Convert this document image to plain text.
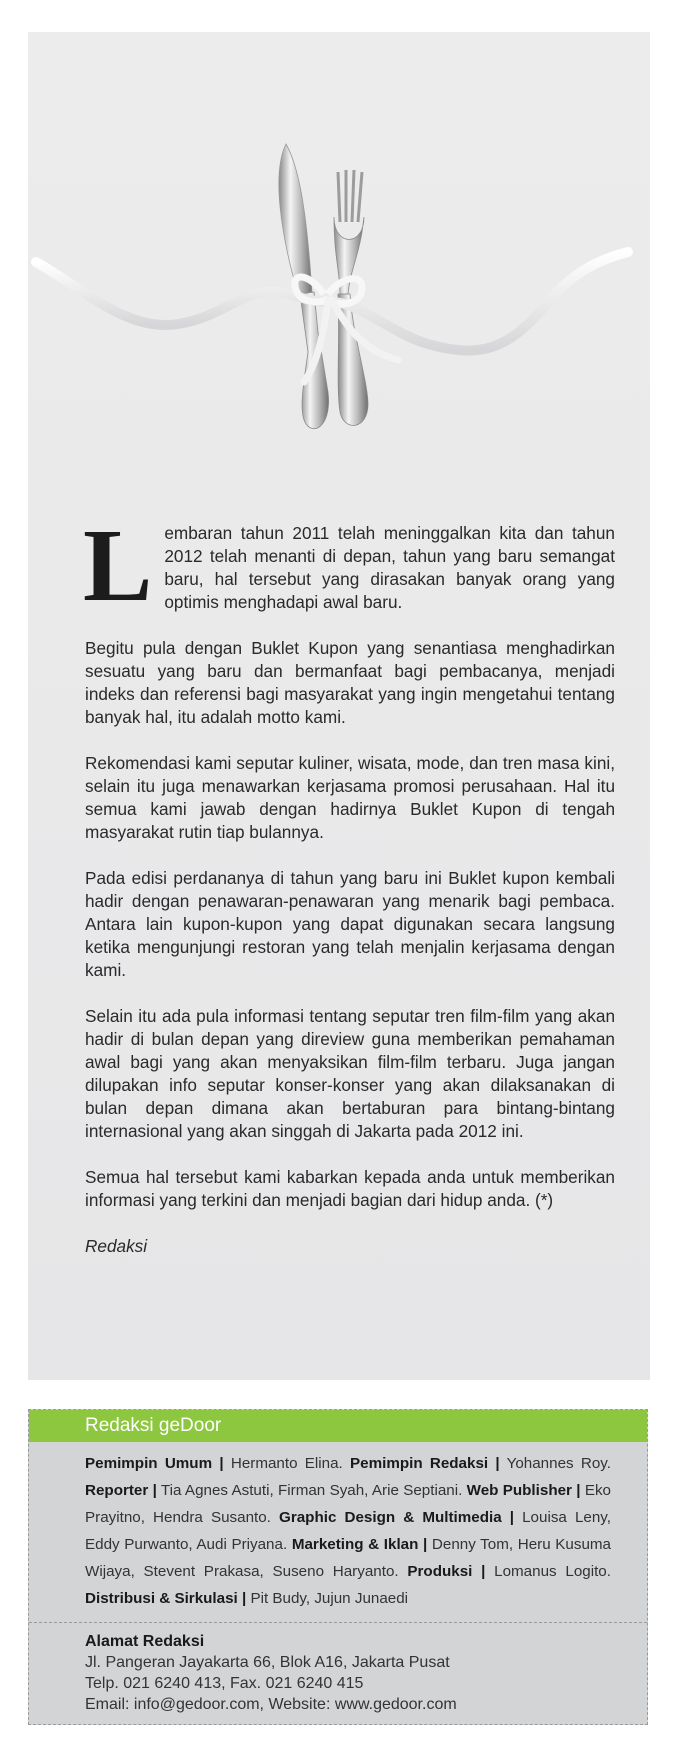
Lembaran tahun 2011 telah meninggalkan kita dan tahun 2012 telah menanti di depan, tahun yang baru semangat baru, hal tersebut yang dirasakan banyak orang yang optimis menghadapi awal baru.

Begitu pula dengan Buklet Kupon yang senantiasa menghadirkan sesuatu yang baru dan bermanfaat bagi pembacanya, menjadi indeks dan referensi bagi masyarakat yang ingin mengetahui tentang banyak hal, itu adalah motto kami.

Rekomendasi kami seputar kuliner, wisata, mode, dan tren masa kini, selain itu juga menawarkan kerjasama promosi perusahaan. Hal itu semua kami jawab dengan hadirnya Buklet Kupon di tengah masyarakat rutin tiap bulannya.

Pada edisi perdananya di tahun yang baru ini Buklet kupon kembali hadir dengan penawaran-penawaran yang menarik bagi pembaca. Antara lain kupon-kupon yang dapat digunakan secara langsung ketika mengunjungi restoran yang telah menjalin kerjasama dengan kami.

Selain itu ada pula informasi tentang seputar tren film-film yang akan hadir di bulan depan yang direview guna memberikan pemahaman awal bagi yang akan menyaksikan film-film terbaru. Juga jangan dilupakan info seputar konser-konser yang akan dilaksanakan di bulan depan dimana akan bertaburan para bintang-bintang internasional yang akan singgah di Jakarta pada 2012 ini.

Semua hal tersebut kami kabarkan kepada anda untuk memberikan informasi yang terkini dan menjadi bagian dari hidup anda. (*)

Redaksi

Redaksi geDoor
Pemimpin Umum | Hermanto Elina. Pemimpin Redaksi | Yohannes Roy. Reporter | Tia Agnes Astuti, Firman Syah, Arie Septiani. Web Publisher | Eko Prayitno, Hendra Susanto. Graphic Design & Multimedia | Louisa Leny, Eddy Purwanto, Audi Priyana. Marketing & Iklan | Denny Tom, Heru Kusuma Wijaya, Stevent Prakasa, Suseno Haryanto. Produksi | Lomanus Logito. Distribusi & Sirkulasi | Pit Budy, Jujun Junaedi
Alamat Redaksi
Jl. Pangeran Jayakarta 66, Blok A16, Jakarta Pusat
Telp. 021 6240 413, Fax. 021 6240 415
Email: info@gedoor.com, Website: www.gedoor.com
